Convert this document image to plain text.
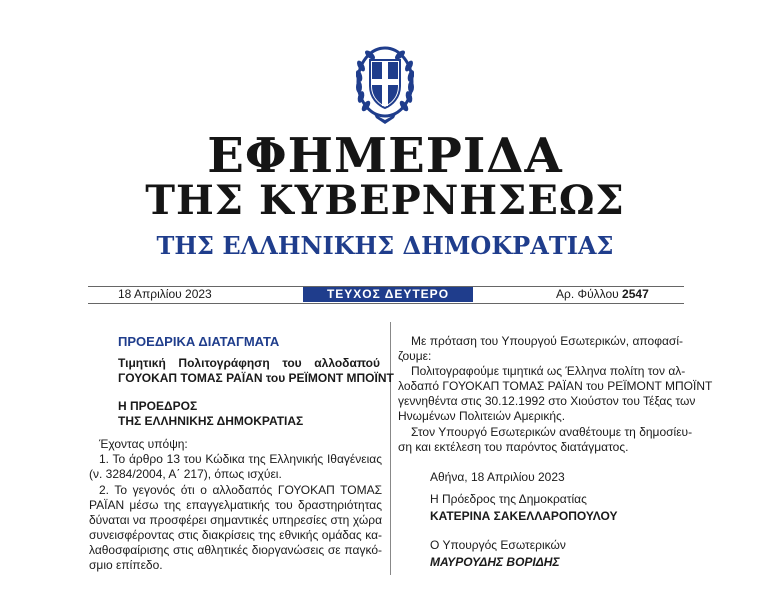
ΕΦΗΜΕΡΙΔΑ
ΤΗΣ ΚΥΒΕΡΝΗΣΕΩΣ
ΤΗΣ ΕΛΛΗΝΙΚΗΣ ΔΗΜΟΚΡΑΤΙΑΣ
18 Απριλίου 2023	ΤΕΥΧΟΣ ΔΕΥΤΕΡΟ	Αρ. Φύλλου 2547
ΠΡΟΕΔΡΙΚΑ ΔΙΑΤΑΓΜΑΤΑ
Τιμητική Πολιτογράφηση του αλλοδαπού
ΓΟΥΟΚΑΠ ΤΟΜΑΣ ΡΑΪΑΝ του ΡΕΪΜΟΝΤ ΜΠΟΪΝΤ
Η ΠΡΟΕΔΡΟΣ
ΤΗΣ ΕΛΛΗΝΙΚΗΣ ΔΗΜΟΚΡΑΤΙΑΣ
Έχοντας υπόψη:
1. Το άρθρο 13 του Κώδικα της Ελληνικής Ιθαγένειας
(ν. 3284/2004, Α΄ 217), όπως ισχύει.
2. Το γεγονός ότι ο αλλοδαπός ΓΟΥΟΚΑΠ ΤΟΜΑΣ
ΡΑΪΑΝ μέσω της επαγγελματικής του δραστηριότητας
δύναται να προσφέρει σημαντικές υπηρεσίες στη χώρα
συνεισφέροντας στις διακρίσεις της εθνικής ομάδας κα-
λαθοσφαίρισης στις αθλητικές διοργανώσεις σε παγκό-
σμιο επίπεδο.
Με πρόταση του Υπουργού Εσωτερικών, αποφασί-
ζουμε:
Πολιτογραφούμε τιμητικά ως Έλληνα πολίτη τον αλ-
λοδαπό ΓΟΥΟΚΑΠ ΤΟΜΑΣ ΡΑΪΑΝ του ΡΕΪΜΟΝΤ ΜΠΟΪΝΤ
γεννηθέντα στις 30.12.1992 στο Χιούστον του Τέξας των
Ηνωμένων Πολιτειών Αμερικής.
Στον Υπουργό Εσωτερικών αναθέτουμε τη δημοσίευ-
ση και εκτέλεση του παρόντος διατάγματος.
Αθήνα, 18 Απριλίου 2023
Η Πρόεδρος της Δημοκρατίας
ΚΑΤΕΡΙΝΑ ΣΑΚΕΛΛΑΡΟΠΟΥΛΟΥ
Ο Υπουργός Εσωτερικών
ΜΑΥΡΟΥΔΗΣ ΒΟΡΙΔΗΣ
